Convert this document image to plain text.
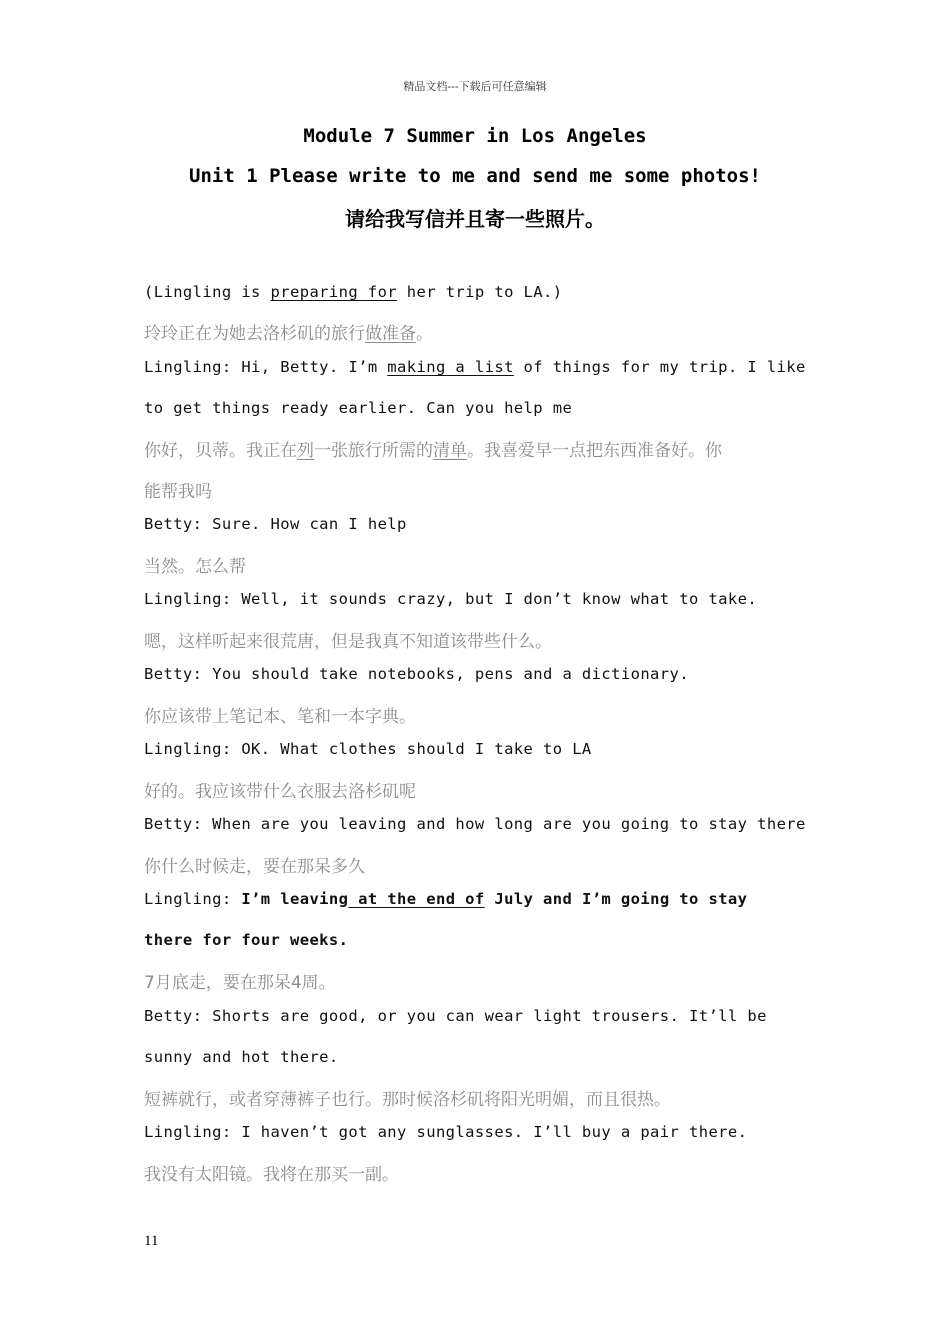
精品文档---下载后可任意编辑
Module 7 Summer in Los Angeles
Unit 1 Please write to me and send me some photos!
请给我写信并且寄一些照片。
(Lingling is preparing for her trip to LA.)
玲玲正在为她去洛杉矶的旅行做准备。
Lingling: Hi, Betty. I’m making a list of things for my trip. I like
to get things ready earlier. Can you help me
你好，贝蒂。我正在列一张旅行所需的清单。我喜爱早一点把东西准备好。你
能帮我吗
Betty: Sure. How can I help
当然。怎么帮
Lingling: Well, it sounds crazy, but I don’t know what to take.
嗯，这样听起来很荒唐，但是我真不知道该带些什么。
Betty: You should take notebooks, pens and a dictionary.
你应该带上笔记本、笔和一本字典。
Lingling: OK. What clothes should I take to LA
好的。我应该带什么衣服去洛杉矶呢
Betty: When are you leaving and how long are you going to stay there
你什么时候走，要在那呆多久
Lingling: I’m leaving at the end of July and I’m going to stay
there for four weeks.
7月底走，要在那呆4周。
Betty: Shorts are good, or you can wear light trousers. It’ll be
sunny and hot there.
短裤就行，或者穿薄裤子也行。那时候洛杉矶将阳光明媚，而且很热。
Lingling: I haven’t got any sunglasses. I’ll buy a pair there.
我没有太阳镜。我将在那买一副。
11
